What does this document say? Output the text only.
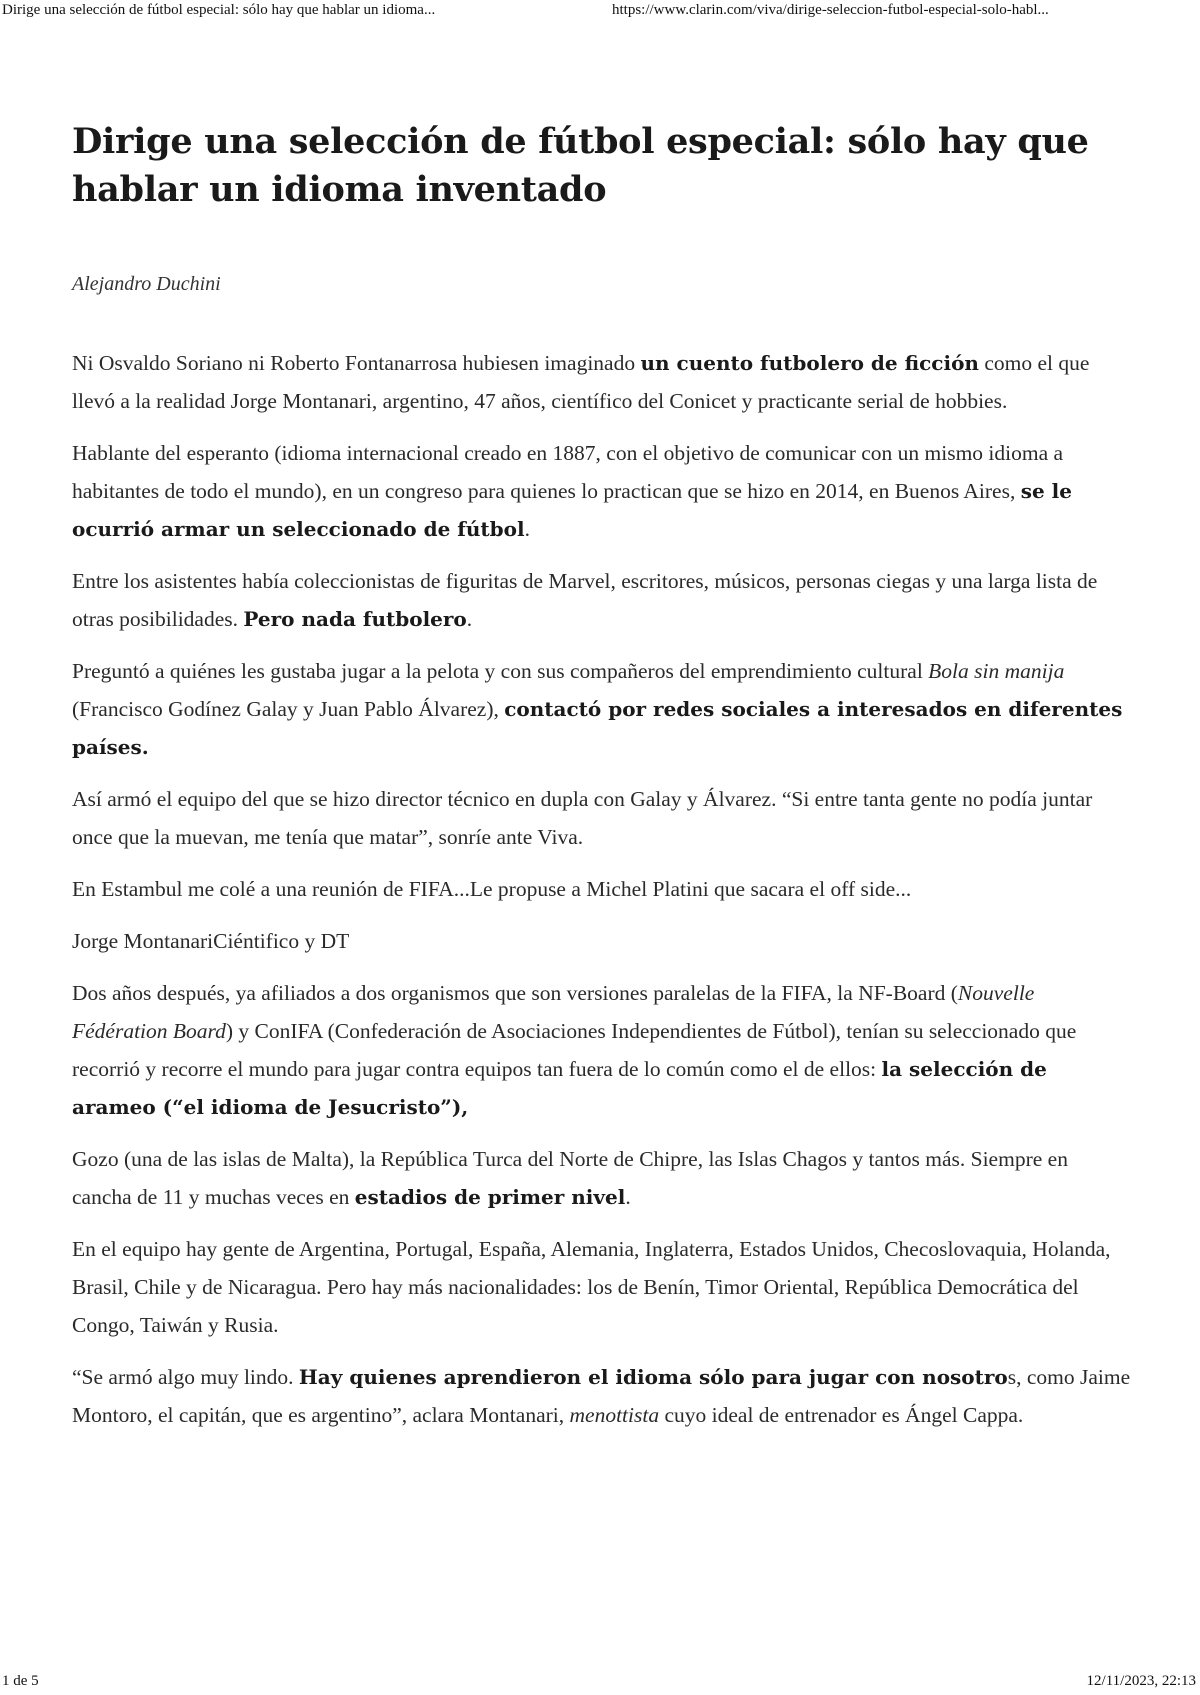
Dirige una selección de fútbol especial: sólo hay que hablar un idioma...	https://www.clarin.com/viva/dirige-seleccion-futbol-especial-solo-habl...
Dirige una selección de fútbol especial: sólo hay que hablar un idioma inventado

Alejandro Duchini

Ni Osvaldo Soriano ni Roberto Fontanarrosa hubiesen imaginado un cuento futbolero de ficción como el que llevó a la realidad Jorge Montanari, argentino, 47 años, científico del Conicet y practicante serial de hobbies.

Hablante del esperanto (idioma internacional creado en 1887, con el objetivo de comunicar con un mismo idioma a habitantes de todo el mundo), en un congreso para quienes lo practican que se hizo en 2014, en Buenos Aires, se le ocurrió armar un seleccionado de fútbol.

Entre los asistentes había coleccionistas de figuritas de Marvel, escritores, músicos, personas ciegas y una larga lista de otras posibilidades. Pero nada futbolero.

Preguntó a quiénes les gustaba jugar a la pelota y con sus compañeros del emprendimiento cultural Bola sin manija (Francisco Godínez Galay y Juan Pablo Álvarez), contactó por redes sociales a interesados en diferentes países.

Así armó el equipo del que se hizo director técnico en dupla con Galay y Álvarez. “Si entre tanta gente no podía juntar once que la muevan, me tenía que matar”, sonríe ante Viva.

En Estambul me colé a una reunión de FIFA...Le propuse a Michel Platini que sacara el off side...

Jorge MontanariCiéntifico y DT

Dos años después, ya afiliados a dos organismos que son versiones paralelas de la FIFA, la NF-Board (Nouvelle Fédération Board) y ConIFA (Confederación de Asociaciones Independientes de Fútbol), tenían su seleccionado que recorrió y recorre el mundo para jugar contra equipos tan fuera de lo común como el de ellos: la selección de arameo (“el idioma de Jesucristo”),

Gozo (una de las islas de Malta), la República Turca del Norte de Chipre, las Islas Chagos y tantos más. Siempre en cancha de 11 y muchas veces en estadios de primer nivel.

En el equipo hay gente de Argentina, Portugal, España, Alemania, Inglaterra, Estados Unidos, Checoslovaquia, Holanda, Brasil, Chile y de Nicaragua. Pero hay más nacionalidades: los de Benín, Timor Oriental, República Democrática del Congo, Taiwán y Rusia.

“Se armó algo muy lindo. Hay quienes aprendieron el idioma sólo para jugar con nosotros, como Jaime Montoro, el capitán, que es argentino”, aclara Montanari, menottista cuyo ideal de entrenador es Ángel Cappa.

1 de 5	12/11/2023, 22:13
